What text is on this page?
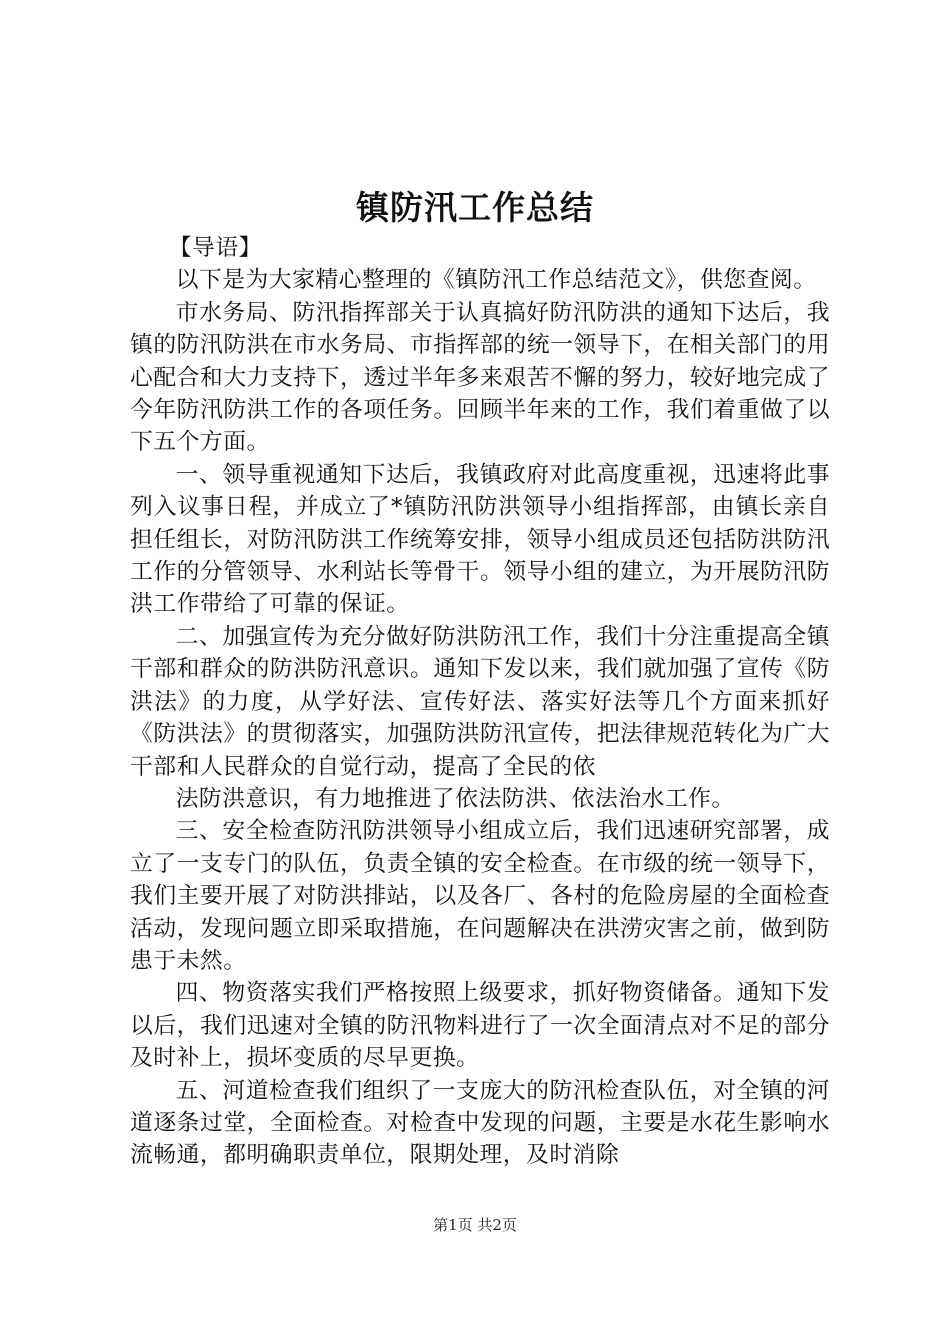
镇防汛工作总结

【导语】

以下是为大家精心整理的《镇防汛工作总结范文》，供您查阅。

市水务局、防汛指挥部关于认真搞好防汛防洪的通知下达后，我镇的防汛防洪在市水务局、市指挥部的统一领导下，在相关部门的用心配合和大力支持下，透过半年多来艰苦不懈的努力，较好地完成了今年防汛防洪工作的各项任务。回顾半年来的工作，我们着重做了以下五个方面。

一、领导重视通知下达后，我镇政府对此高度重视，迅速将此事列入议事日程，并成立了*镇防汛防洪领导小组指挥部，由镇长亲自担任组长，对防汛防洪工作统筹安排，领导小组成员还包括防洪防汛工作的分管领导、水利站长等骨干。领导小组的建立，为开展防汛防洪工作带给了可靠的保证。

二、加强宣传为充分做好防洪防汛工作，我们十分注重提高全镇干部和群众的防洪防汛意识。通知下发以来，我们就加强了宣传《防洪法》的力度，从学好法、宣传好法、落实好法等几个方面来抓好《防洪法》的贯彻落实，加强防洪防汛宣传，把法律规范转化为广大干部和人民群众的自觉行动，提高了全民的依

法防洪意识，有力地推进了依法防洪、依法治水工作。

三、安全检查防汛防洪领导小组成立后，我们迅速研究部署，成立了一支专门的队伍，负责全镇的安全检查。在市级的统一领导下，我们主要开展了对防洪排站，以及各厂、各村的危险房屋的全面检查活动，发现问题立即采取措施，在问题解决在洪涝灾害之前，做到防患于未然。

四、物资落实我们严格按照上级要求，抓好物资储备。通知下发以后，我们迅速对全镇的防汛物料进行了一次全面清点对不足的部分及时补上，损坏变质的尽早更换。

五、河道检查我们组织了一支庞大的防汛检查队伍，对全镇的河道逐条过堂，全面检查。对检查中发现的问题，主要是水花生影响水流畅通，都明确职责单位，限期处理，及时消除

第1页 共2页
